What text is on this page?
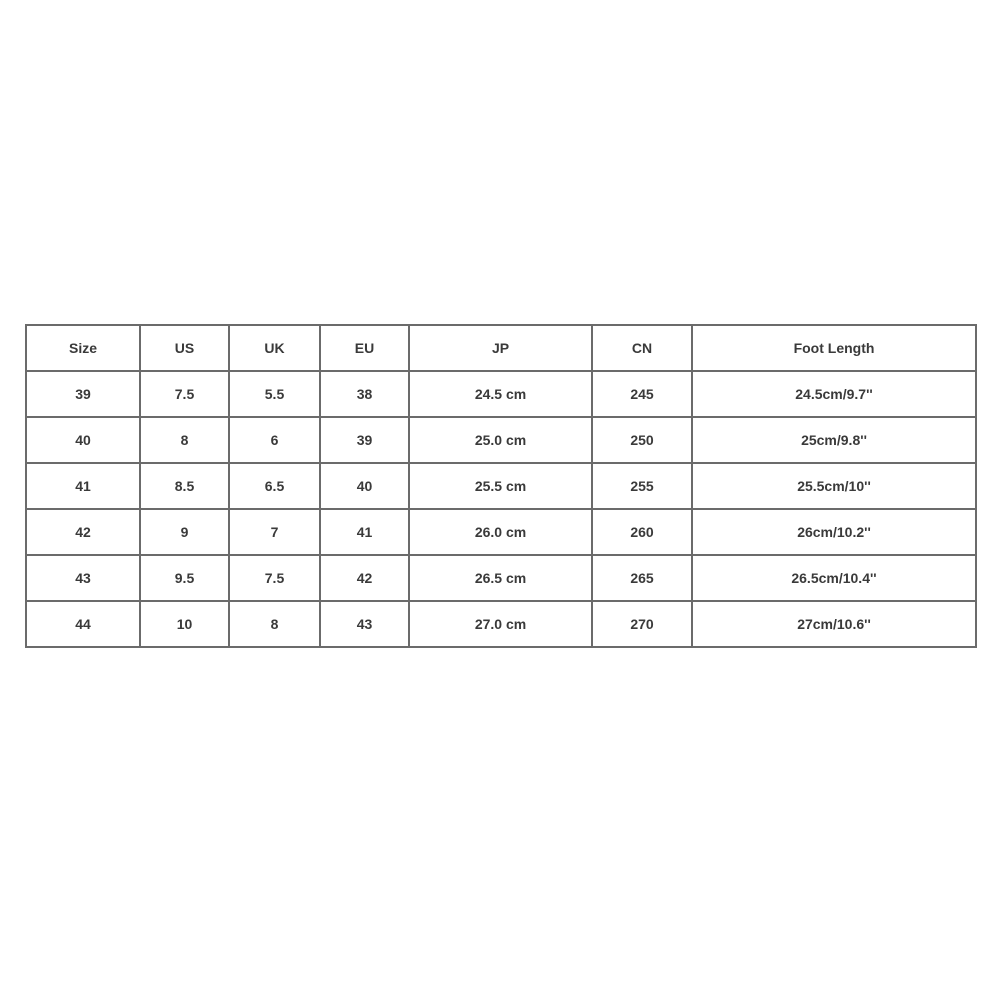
Size	US	UK	EU	JP	CN	Foot Length
39	7.5	5.5	38	24.5 cm	245	24.5cm/9.7''
40	8	6	39	25.0 cm	250	25cm/9.8''
41	8.5	6.5	40	25.5 cm	255	25.5cm/10''
42	9	7	41	26.0 cm	260	26cm/10.2''
43	9.5	7.5	42	26.5 cm	265	26.5cm/10.4''
44	10	8	43	27.0 cm	270	27cm/10.6''
